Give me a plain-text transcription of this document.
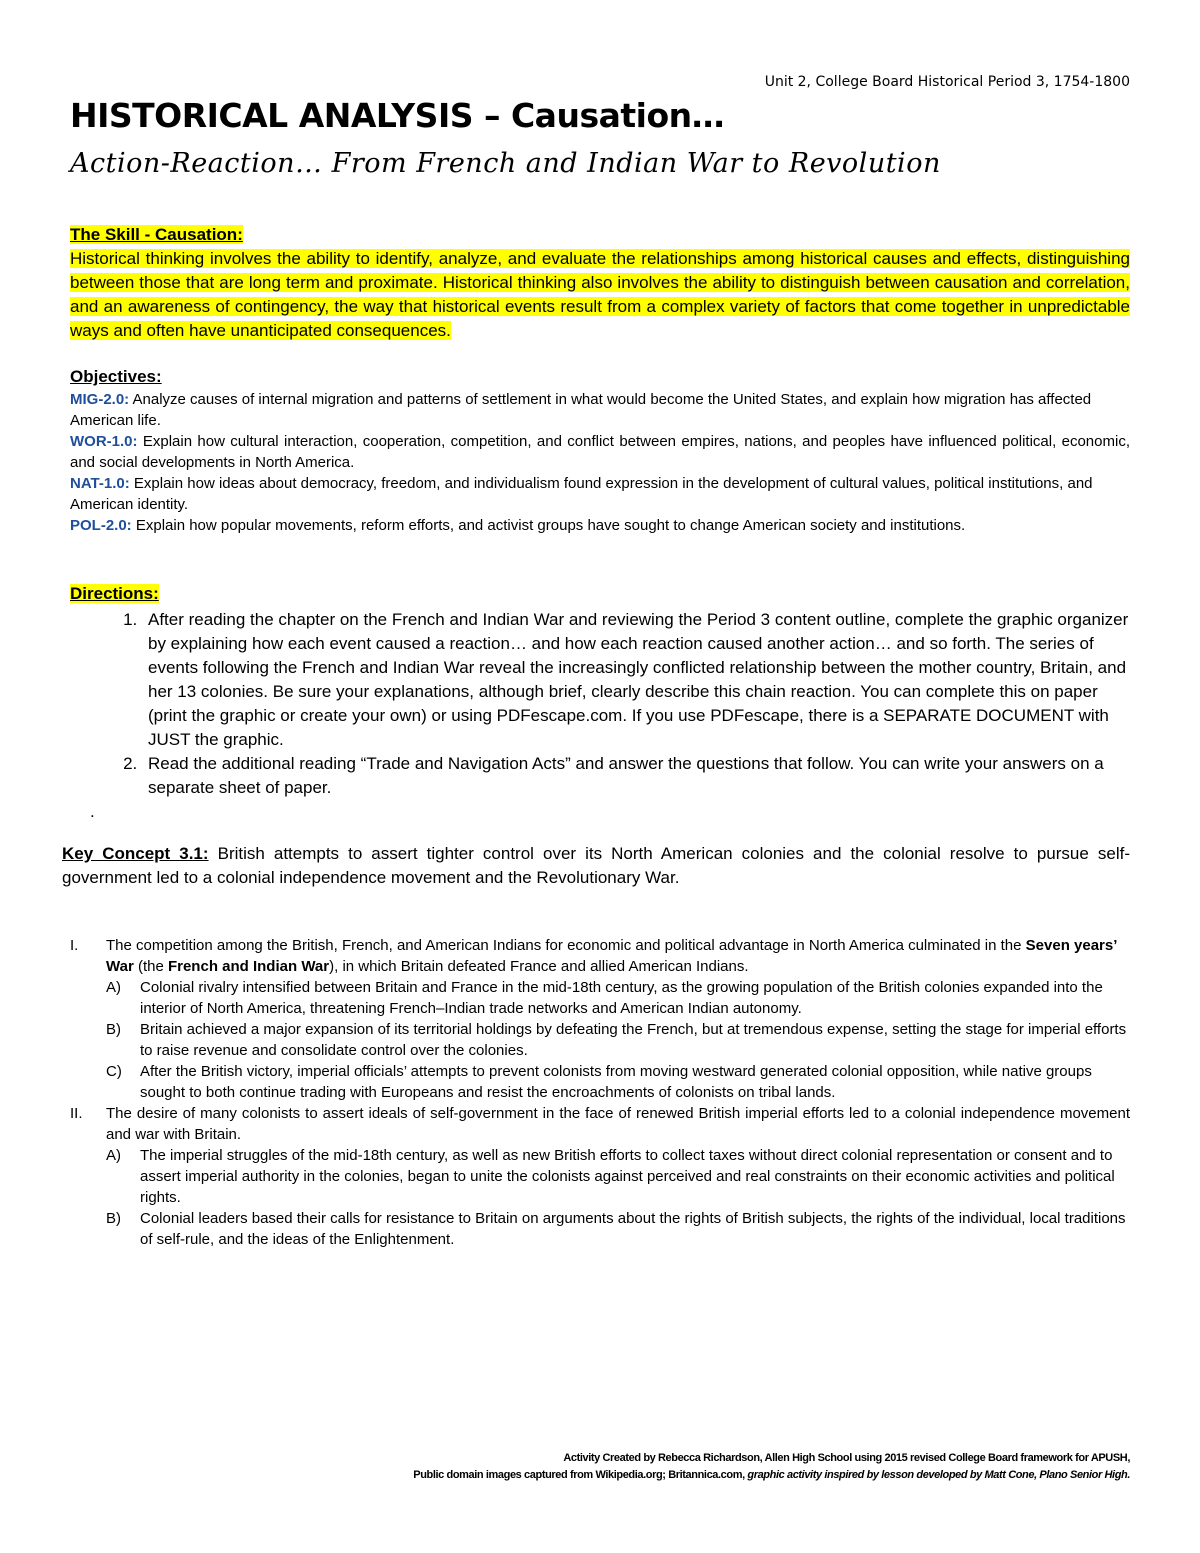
Unit 2, College Board Historical Period 3, 1754-1800
HISTORICAL ANALYSIS – Causation…
Action-Reaction… From French and Indian War to Revolution
The Skill - Causation:
Historical thinking involves the ability to identify, analyze, and evaluate the relationships among historical causes and effects, distinguishing between those that are long term and proximate. Historical thinking also involves the ability to distinguish between causation and correlation, and an awareness of contingency, the way that historical events result from a complex variety of factors that come together in unpredictable ways and often have unanticipated consequences.
Objectives:
MIG-2.0: Analyze causes of internal migration and patterns of settlement in what would become the United States, and explain how migration has affected American life.
WOR-1.0: Explain how cultural interaction, cooperation, competition, and conflict between empires, nations, and peoples have influenced political, economic, and social developments in North America.
NAT-1.0: Explain how ideas about democracy, freedom, and individualism found expression in the development of cultural values, political institutions, and American identity.
POL-2.0: Explain how popular movements, reform efforts, and activist groups have sought to change American society and institutions.
Directions:
1. After reading the chapter on the French and Indian War and reviewing the Period 3 content outline, complete the graphic organizer by explaining how each event caused a reaction… and how each reaction caused another action… and so forth. The series of events following the French and Indian War reveal the increasingly conflicted relationship between the mother country, Britain, and her 13 colonies. Be sure your explanations, although brief, clearly describe this chain reaction. You can complete this on paper (print the graphic or create your own) or using PDFescape.com. If you use PDFescape, there is a SEPARATE DOCUMENT with JUST the graphic.
2. Read the additional reading “Trade and Navigation Acts” and answer the questions that follow. You can write your answers on a separate sheet of paper.
.
Key Concept 3.1: British attempts to assert tighter control over its North American colonies and the colonial resolve to pursue self-government led to a colonial independence movement and the Revolutionary War.
I.	The competition among the British, French, and American Indians for economic and political advantage in North America culminated in the Seven years’ War (the French and Indian War), in which Britain defeated France and allied American Indians.
A)	Colonial rivalry intensified between Britain and France in the mid-18th century, as the growing population of the British colonies expanded into the interior of North America, threatening French–Indian trade networks and American Indian autonomy.
B)	Britain achieved a major expansion of its territorial holdings by defeating the French, but at tremendous expense, setting the stage for imperial efforts to raise revenue and consolidate control over the colonies.
C)	After the British victory, imperial officials’ attempts to prevent colonists from moving westward generated colonial opposition, while native groups sought to both continue trading with Europeans and resist the encroachments of colonists on tribal lands.
II.	The desire of many colonists to assert ideals of self-government in the face of renewed British imperial efforts led to a colonial independence movement and war with Britain.
A)	The imperial struggles of the mid-18th century, as well as new British efforts to collect taxes without direct colonial representation or consent and to assert imperial authority in the colonies, began to unite the colonists against perceived and real constraints on their economic activities and political rights.
B)	Colonial leaders based their calls for resistance to Britain on arguments about the rights of British subjects, the rights of the individual, local traditions of self-rule, and the ideas of the Enlightenment.
Activity Created by Rebecca Richardson, Allen High School using 2015 revised College Board framework for APUSH,
Public domain images captured from Wikipedia.org; Britannica.com, graphic activity inspired by lesson developed by Matt Cone, Plano Senior High.
